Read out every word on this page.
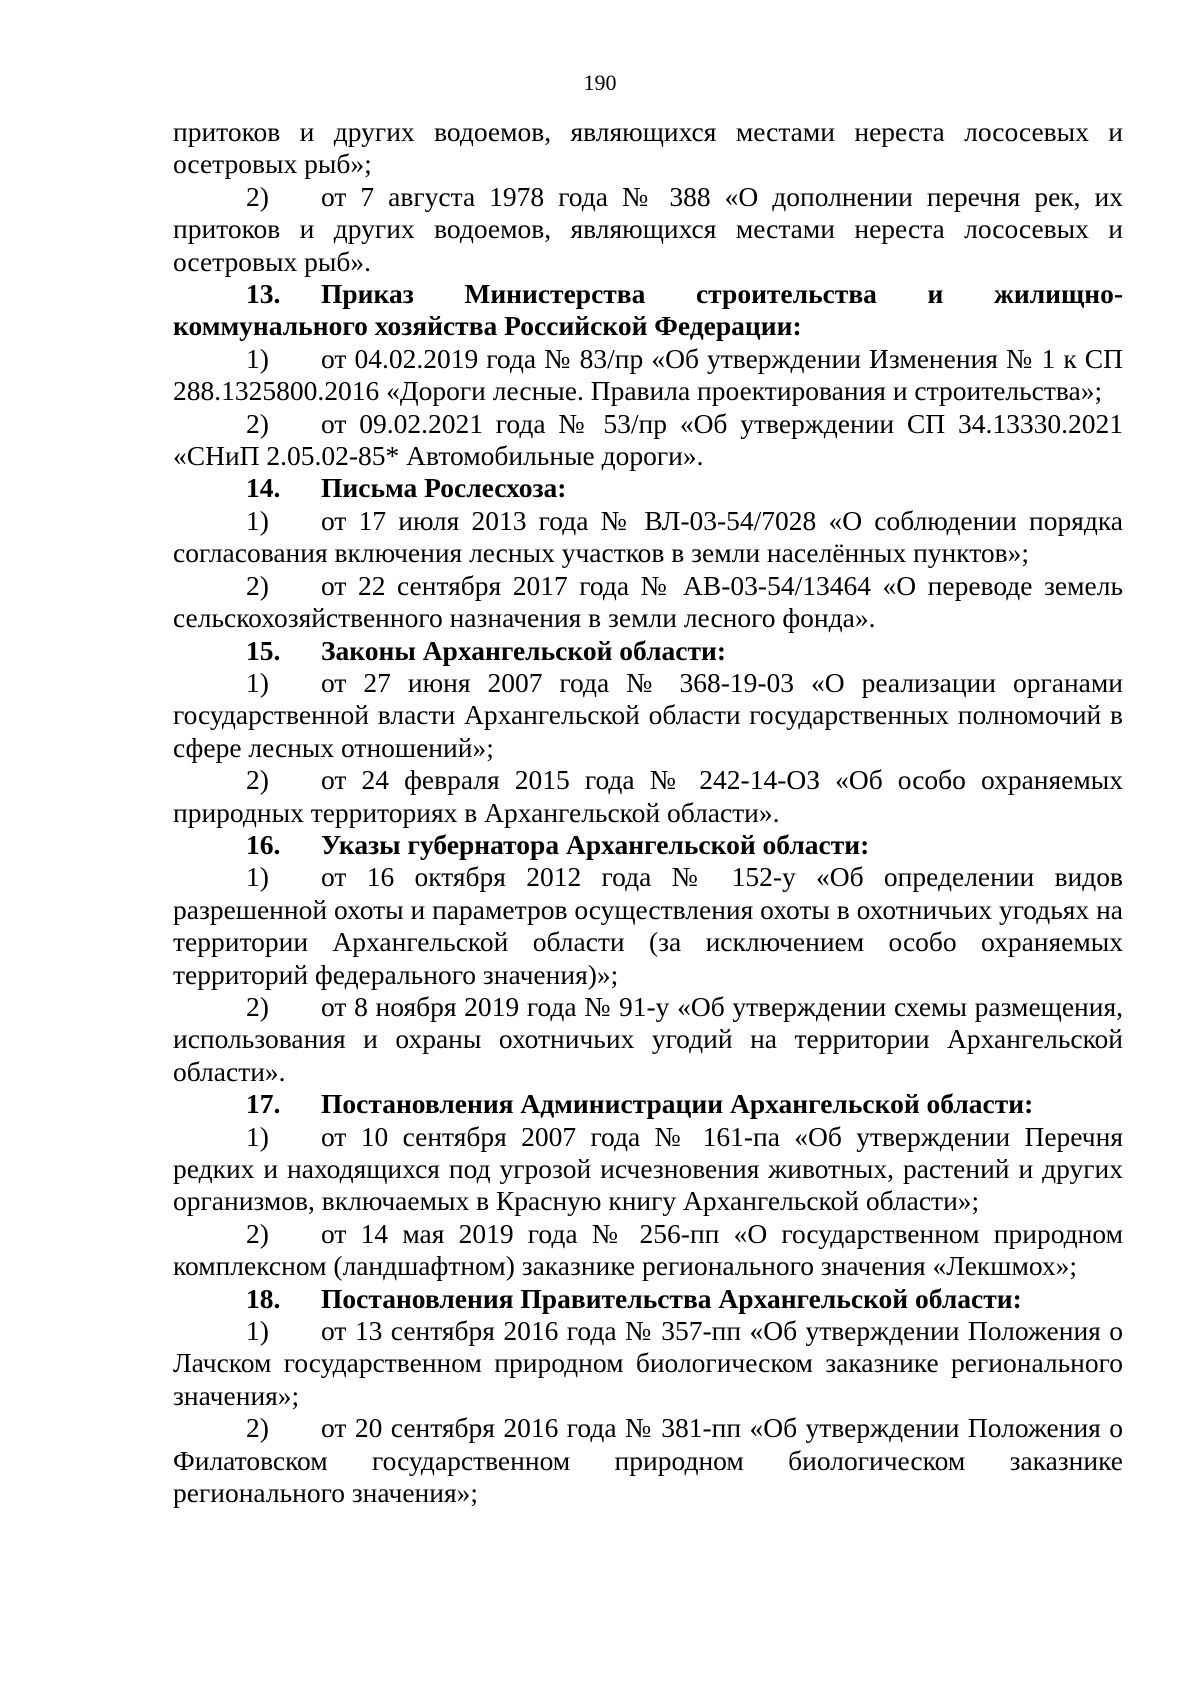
190

притоков и других водоемов, являющихся местами нереста лососевых и осетровых рыб»;

2) от 7 августа 1978 года № 388 «О дополнении перечня рек, их притоков и других водоемов, являющихся местами нереста лососевых и осетровых рыб».

13. Приказ Министерства строительства и жилищно-коммунального хозяйства Российской Федерации:

1) от 04.02.2019 года № 83/пр «Об утверждении Изменения № 1 к СП 288.1325800.2016 «Дороги лесные. Правила проектирования и строительства»;

2) от 09.02.2021 года № 53/пр «Об утверждении СП 34.13330.2021 «СНиП 2.05.02-85* Автомобильные дороги».

14. Письма Рослесхоза:

1) от 17 июля 2013 года № ВЛ-03-54/7028 «О соблюдении порядка согласования включения лесных участков в земли населённых пунктов»;

2) от 22 сентября 2017 года № АВ-03-54/13464 «О переводе земель сельскохозяйственного назначения в земли лесного фонда».

15. Законы Архангельской области:

1) от 27 июня 2007 года № 368-19-03 «О реализации органами государственной власти Архангельской области государственных полномочий в сфере лесных отношений»;

2) от 24 февраля 2015 года № 242-14-ОЗ «Об особо охраняемых природных территориях в Архангельской области».

16. Указы губернатора Архангельской области:

1) от 16 октября 2012 года № 152-у «Об определении видов разрешенной охоты и параметров осуществления охоты в охотничьих угодьях на территории Архангельской области (за исключением особо охраняемых территорий федерального значения)»;

2) от 8 ноября 2019 года № 91-у «Об утверждении схемы размещения, использования и охраны охотничьих угодий на территории Архангельской области».

17. Постановления Администрации Архангельской области:

1) от 10 сентября 2007 года № 161-па «Об утверждении Перечня редких и находящихся под угрозой исчезновения животных, растений и других организмов, включаемых в Красную книгу Архангельской области»;

2) от 14 мая 2019 года № 256-пп «О государственном природном комплексном (ландшафтном) заказнике регионального значения «Лекшмох»;

18. Постановления Правительства Архангельской области:

1) от 13 сентября 2016 года № 357-пп «Об утверждении Положения о Лачском государственном природном биологическом заказнике регионального значения»;

2) от 20 сентября 2016 года № 381-пп «Об утверждении Положения о Филатовском государственном природном биологическом заказнике регионального значения»;
